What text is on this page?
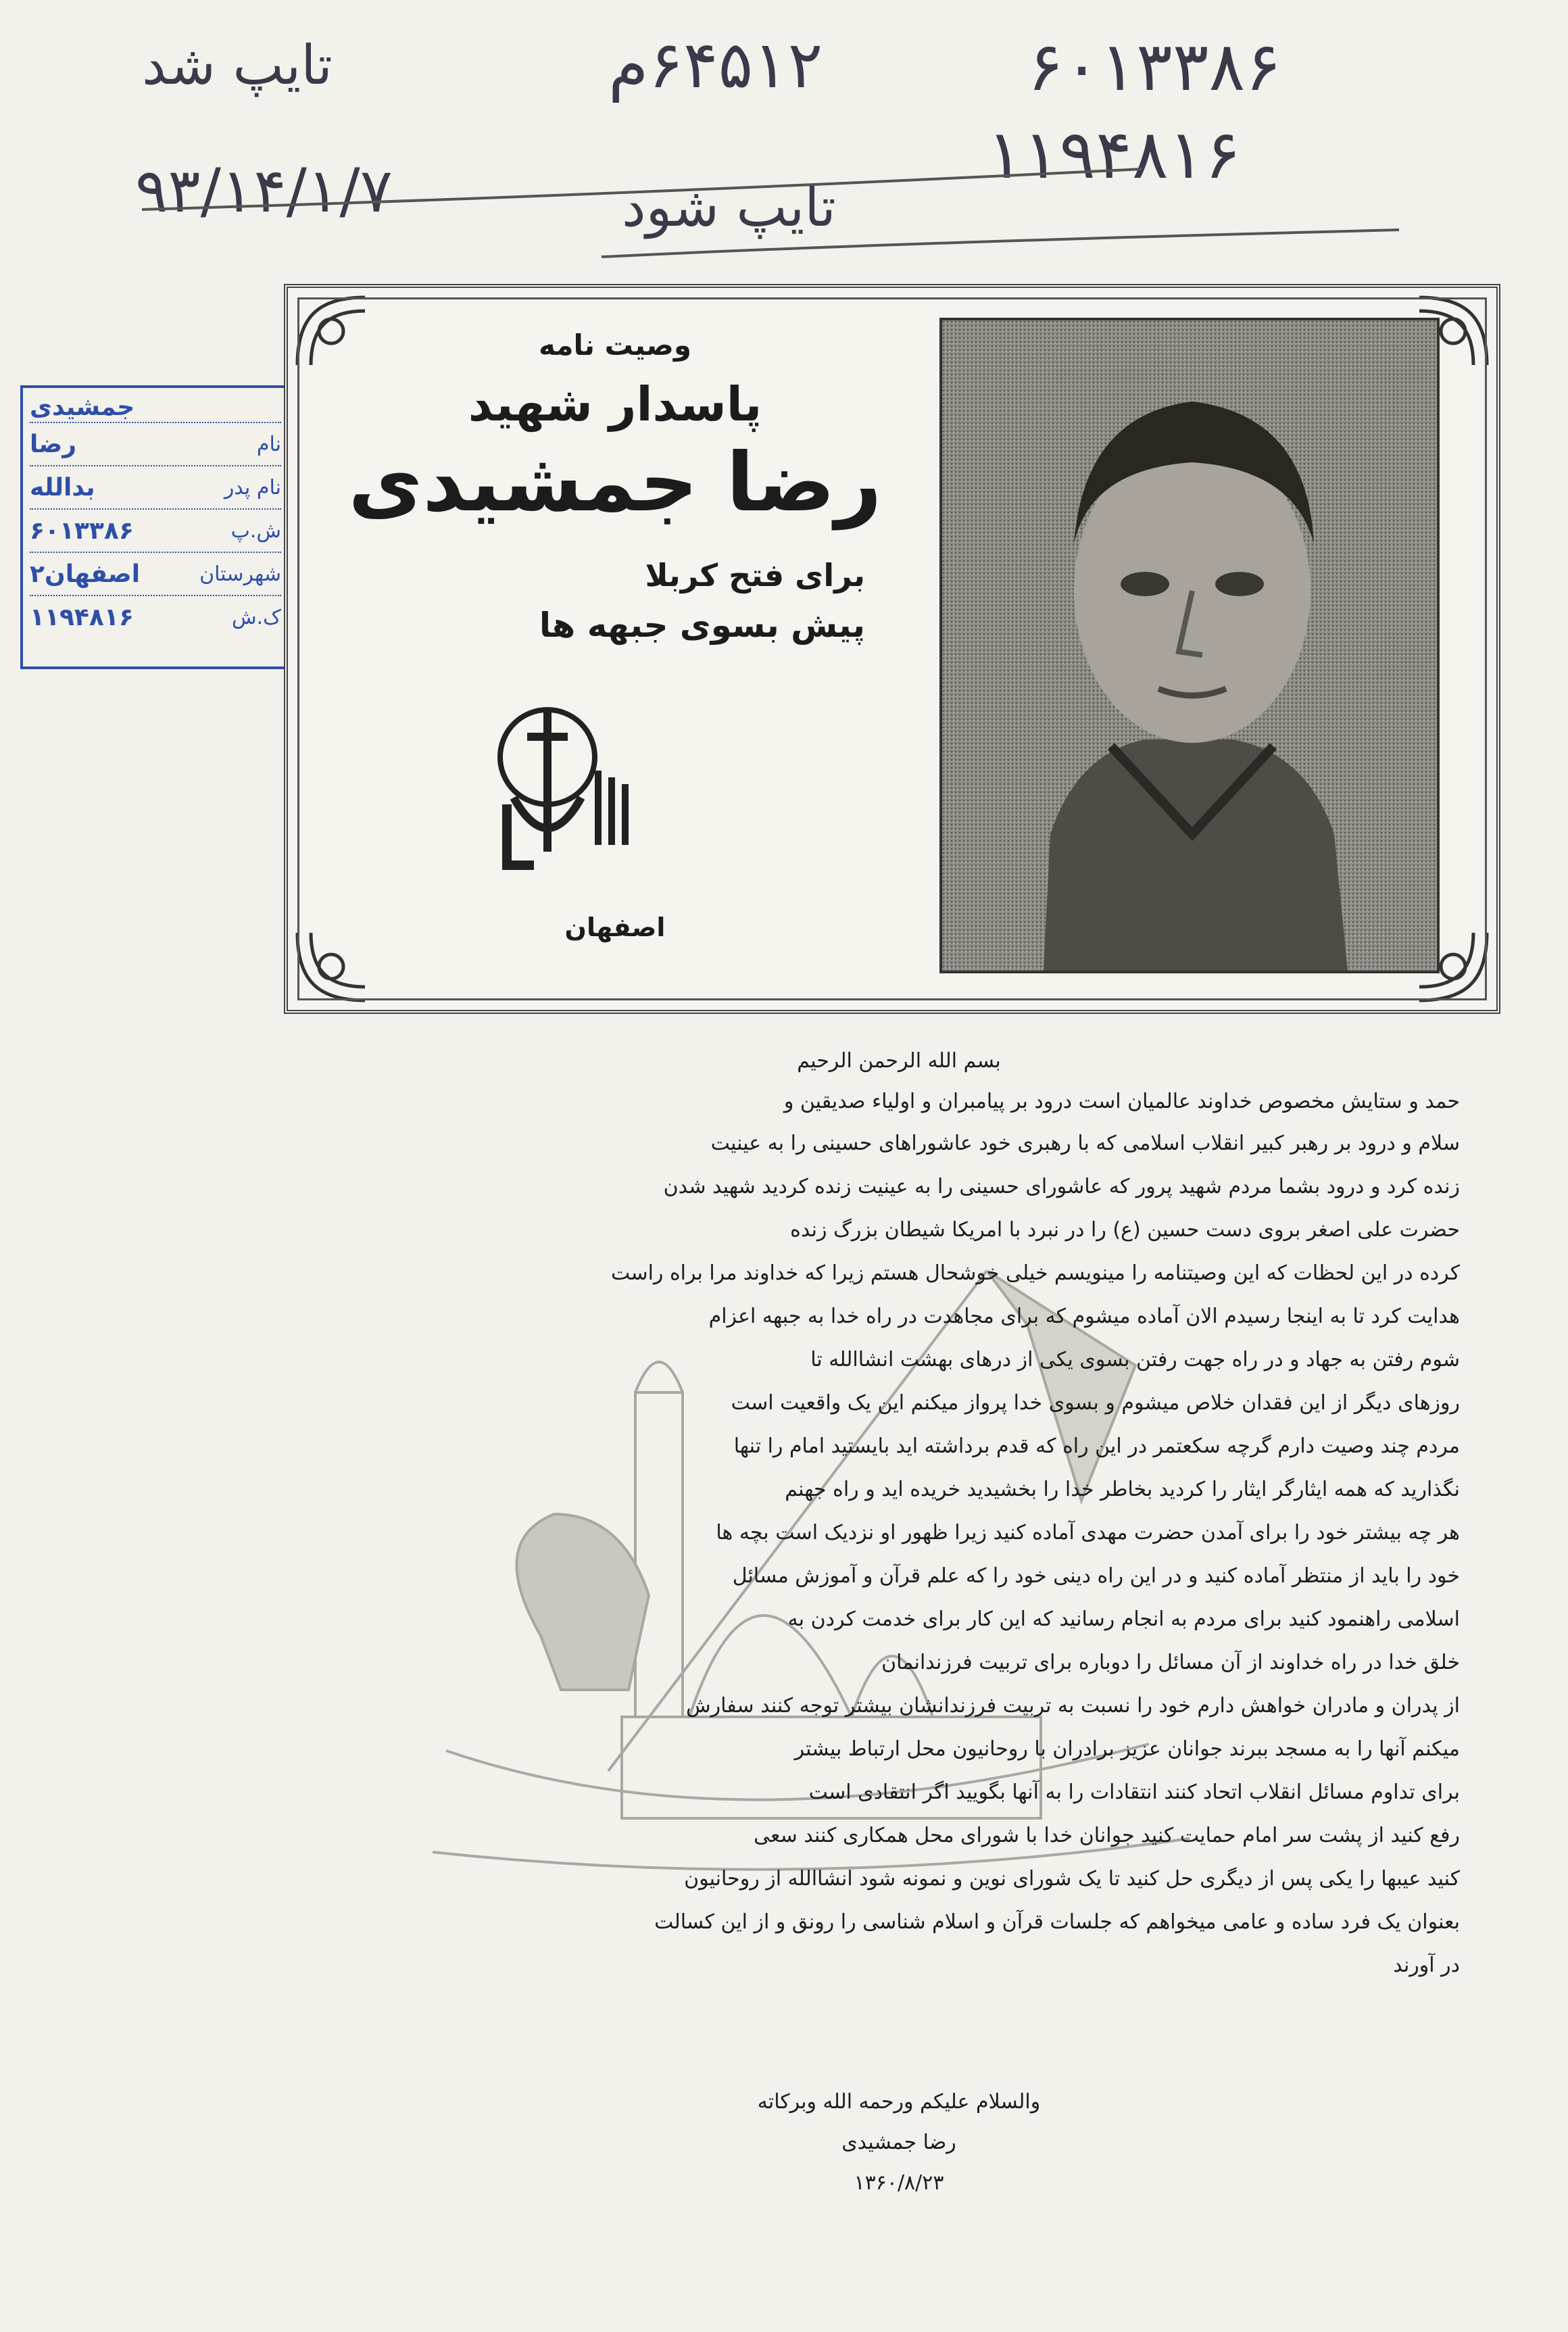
تایپ شد
۹۳/۱۴/۱/۷
۶۴۵۱۲م	۶۰۱۳۳۸۶
۱۱۹۴۸۱۶
تایپ شود
جمشیدی
نام
رضا
نام پدر
بدالله
ش.پ
۶۰۱۳۳۸۶
شهرستان
اصفهان۲
ک.ش
۱۱۹۴۸۱۶
وصیت نامه
پاسدار شهید
رضا جمشیدی
برای فتح کربلا
پیش بسوی جبهه ها
اصفهان
بسم الله الرحمن الرحیم
حمد و ستایش مخصوص خداوند عالمیان است درود بر پیامبران و اولیاء صدیقین و
سلام و درود بر رهبر کبیر انقلاب اسلامی که با رهبری خود عاشوراهای حسینی را به عینیت
زنده کرد و درود بشما مردم شهید پرور که عاشورای حسینی را به عینیت زنده کردید شهید شدن
حضرت علی اصغر بروی دست حسین (ع) را در نبرد با امریکا شیطان بزرگ زنده
کرده در این لحظات که این وصیتنامه را مینویسم خیلی خوشحال هستم زیرا که خداوند مرا براه راست
هدایت کرد تا به اینجا رسیدم الان آماده میشوم که برای مجاهدت در راه خدا به جبهه اعزام
شوم رفتن به جهاد و در راه جهت رفتن بسوی یکی از درهای بهشت انشاالله تا
روزهای دیگر از این فقدان خلاص میشوم و بسوی خدا پرواز میکنم این یک واقعیت است
مردم چند وصیت دارم گرچه سکعتمر در این راه که قدم برداشته اید بایستید امام را تنها
نگذارید که همه ایثارگر ایثار را کردید بخاطر خدا را بخشیدید خریده اید و راه جهنم
هر چه بیشتر خود را برای آمدن حضرت مهدی آماده کنید زیرا ظهور او نزدیک است بچه ها
خود را باید از منتظر آماده کنید و در این راه دینی خود را که علم قرآن و آموزش مسائل
اسلامی راهنمود کنید برای مردم به انجام رسانید که این کار برای خدمت کردن به
خلق خدا در راه خداوند از آن مسائل را دوباره برای تربیت فرزندانمان
از پدران و مادران خواهش دارم خود را نسبت به تربیت فرزندانشان بیشتر توجه کنند سفارش
میکنم آنها را به مسجد ببرند جوانان عزیز برادران با روحانیون محل ارتباط بیشتر
برای تداوم مسائل انقلاب اتحاد کنند انتقادات را به آنها بگویید اگر انتقادی است
رفع کنید از پشت سر امام حمایت کنید جوانان خدا با شورای محل همکاری کنند سعی
کنید عیبها را یکی پس از دیگری حل کنید تا یک شورای نوین و نمونه شود انشاالله از روحانیون
بعنوان یک فرد ساده و عامی میخواهم که جلسات قرآن و اسلام شناسی را رونق و از این کسالت
در آورند
والسلام علیکم ورحمه الله وبرکاته
رضا جمشیدی
۱۳۶۰/۸/۲۳
